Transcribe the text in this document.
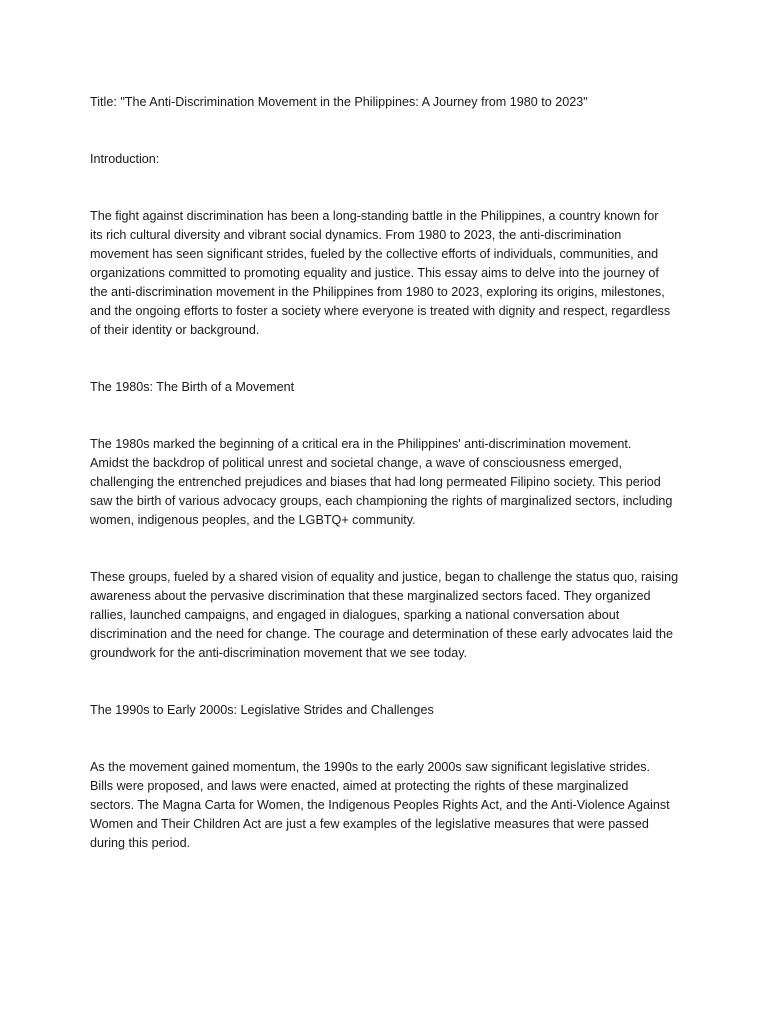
Title: "The Anti-Discrimination Movement in the Philippines: A Journey from 1980 to 2023"

Introduction:

The fight against discrimination has been a long-standing battle in the Philippines, a country known for

its rich cultural diversity and vibrant social dynamics. From 1980 to 2023, the anti-discrimination

movement has seen significant strides, fueled by the collective efforts of individuals, communities, and

organizations committed to promoting equality and justice. This essay aims to delve into the journey of

the anti-discrimination movement in the Philippines from 1980 to 2023, exploring its origins, milestones,

and the ongoing efforts to foster a society where everyone is treated with dignity and respect, regardless

of their identity or background.

The 1980s: The Birth of a Movement

The 1980s marked the beginning of a critical era in the Philippines' anti-discrimination movement.

Amidst the backdrop of political unrest and societal change, a wave of consciousness emerged,

challenging the entrenched prejudices and biases that had long permeated Filipino society. This period

saw the birth of various advocacy groups, each championing the rights of marginalized sectors, including

women, indigenous peoples, and the LGBTQ+ community.

These groups, fueled by a shared vision of equality and justice, began to challenge the status quo, raising

awareness about the pervasive discrimination that these marginalized sectors faced. They organized

rallies, launched campaigns, and engaged in dialogues, sparking a national conversation about

discrimination and the need for change. The courage and determination of these early advocates laid the

groundwork for the anti-discrimination movement that we see today.

The 1990s to Early 2000s: Legislative Strides and Challenges

As the movement gained momentum, the 1990s to the early 2000s saw significant legislative strides.

Bills were proposed, and laws were enacted, aimed at protecting the rights of these marginalized

sectors. The Magna Carta for Women, the Indigenous Peoples Rights Act, and the Anti-Violence Against

Women and Their Children Act are just a few examples of the legislative measures that were passed

during this period.
